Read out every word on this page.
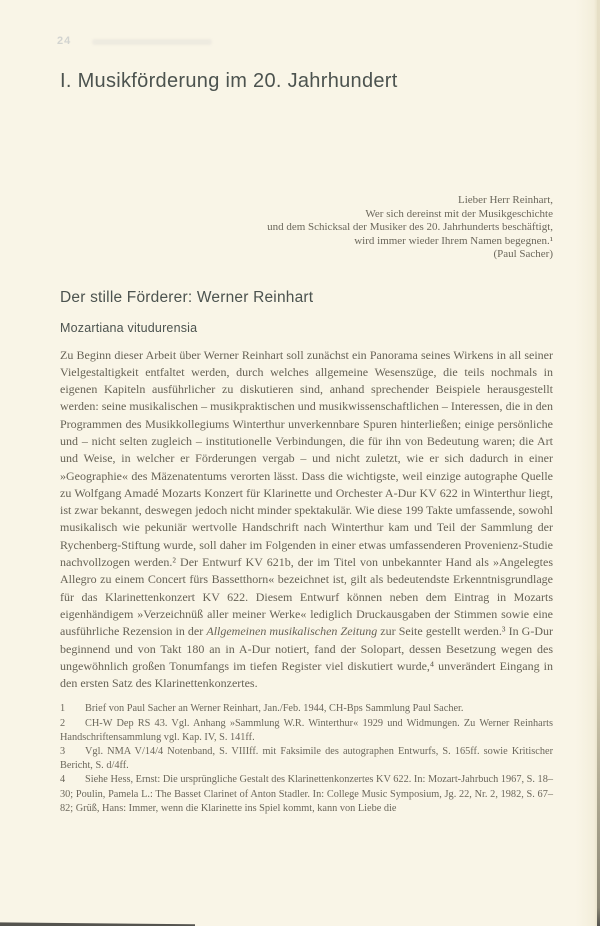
24
I. Musikförderung im 20. Jahrhundert
Lieber Herr Reinhart,
Wer sich dereinst mit der Musikgeschichte
und dem Schicksal der Musiker des 20. Jahrhunderts beschäftigt,
wird immer wieder Ihrem Namen begegnen.¹
(Paul Sacher)
Der stille Förderer: Werner Reinhart
Mozartiana vitudurensia

Zu Beginn dieser Arbeit über Werner Reinhart soll zunächst ein Panorama seines Wirkens in all seiner Vielgestaltigkeit entfaltet werden, durch welches allgemeine Wesenszüge, die teils nochmals in eigenen Kapiteln ausführlicher zu diskutieren sind, anhand sprechender Beispiele herausgestellt werden: seine musikalischen – musikpraktischen und musikwissenschaftlichen – Interessen, die in den Programmen des Musikkollegiums Winterthur unverkennbare Spuren hinterließen; einige persönliche und – nicht selten zugleich – institutionelle Verbindungen, die für ihn von Bedeutung waren; die Art und Weise, in welcher er Förderungen vergab – und nicht zuletzt, wie er sich dadurch in einer »Geographie« des Mäzenatentums verorten lässt. Dass die wichtigste, weil einzige autographe Quelle zu Wolfgang Amadé Mozarts Konzert für Klarinette und Orchester A-Dur KV 622 in Winterthur liegt, ist zwar bekannt, deswegen jedoch nicht minder spektakulär. Wie diese 199 Takte umfassende, sowohl musikalisch wie pekuniär wertvolle Handschrift nach Winterthur kam und Teil der Sammlung der Rychenberg-Stiftung wurde, soll daher im Folgenden in einer etwas umfassenderen Provenienz-Studie nachvollzogen werden.² Der Entwurf KV 621b, der im Titel von unbekannter Hand als »Angelegtes Allegro zu einem Concert fürs Bassetthorn« bezeichnet ist, gilt als bedeutendste Erkenntnisgrundlage für das Klarinettenkonzert KV 622. Diesem Entwurf können neben dem Eintrag in Mozarts eigenhändigem »Verzeichnüß aller meiner Werke« lediglich Druckausgaben der Stimmen sowie eine ausführliche Rezension in der Allgemeinen musikalischen Zeitung zur Seite gestellt werden.³ In G-Dur beginnend und von Takt 180 an in A-Dur notiert, fand der Solopart, dessen Besetzung wegen des ungewöhnlich großen Tonumfangs im tiefen Register viel diskutiert wurde,⁴ unverändert Eingang in den ersten Satz des Klarinettenkonzertes.

1 Brief von Paul Sacher an Werner Reinhart, Jan./Feb. 1944, CH-Bps Sammlung Paul Sacher.

2 CH-W Dep RS 43. Vgl. Anhang »Sammlung W.R. Winterthur« 1929 und Widmungen. Zu Werner Reinharts Handschriftensammlung vgl. Kap. IV, S. 141ff.

3 Vgl. NMA V/14/4 Notenband, S. VIIIff. mit Faksimile des autographen Entwurfs, S. 165ff. sowie Kritischer Bericht, S. d/4ff.

4 Siehe Hess, Ernst: Die ursprüngliche Gestalt des Klarinettenkonzertes KV 622. In: Mozart-Jahrbuch 1967, S. 18–30; Poulin, Pamela L.: The Basset Clarinet of Anton Stadler. In: College Music Symposium, Jg. 22, Nr. 2, 1982, S. 67–82; Grüß, Hans: Immer, wenn die Klarinette ins Spiel kommt, kann von Liebe die
